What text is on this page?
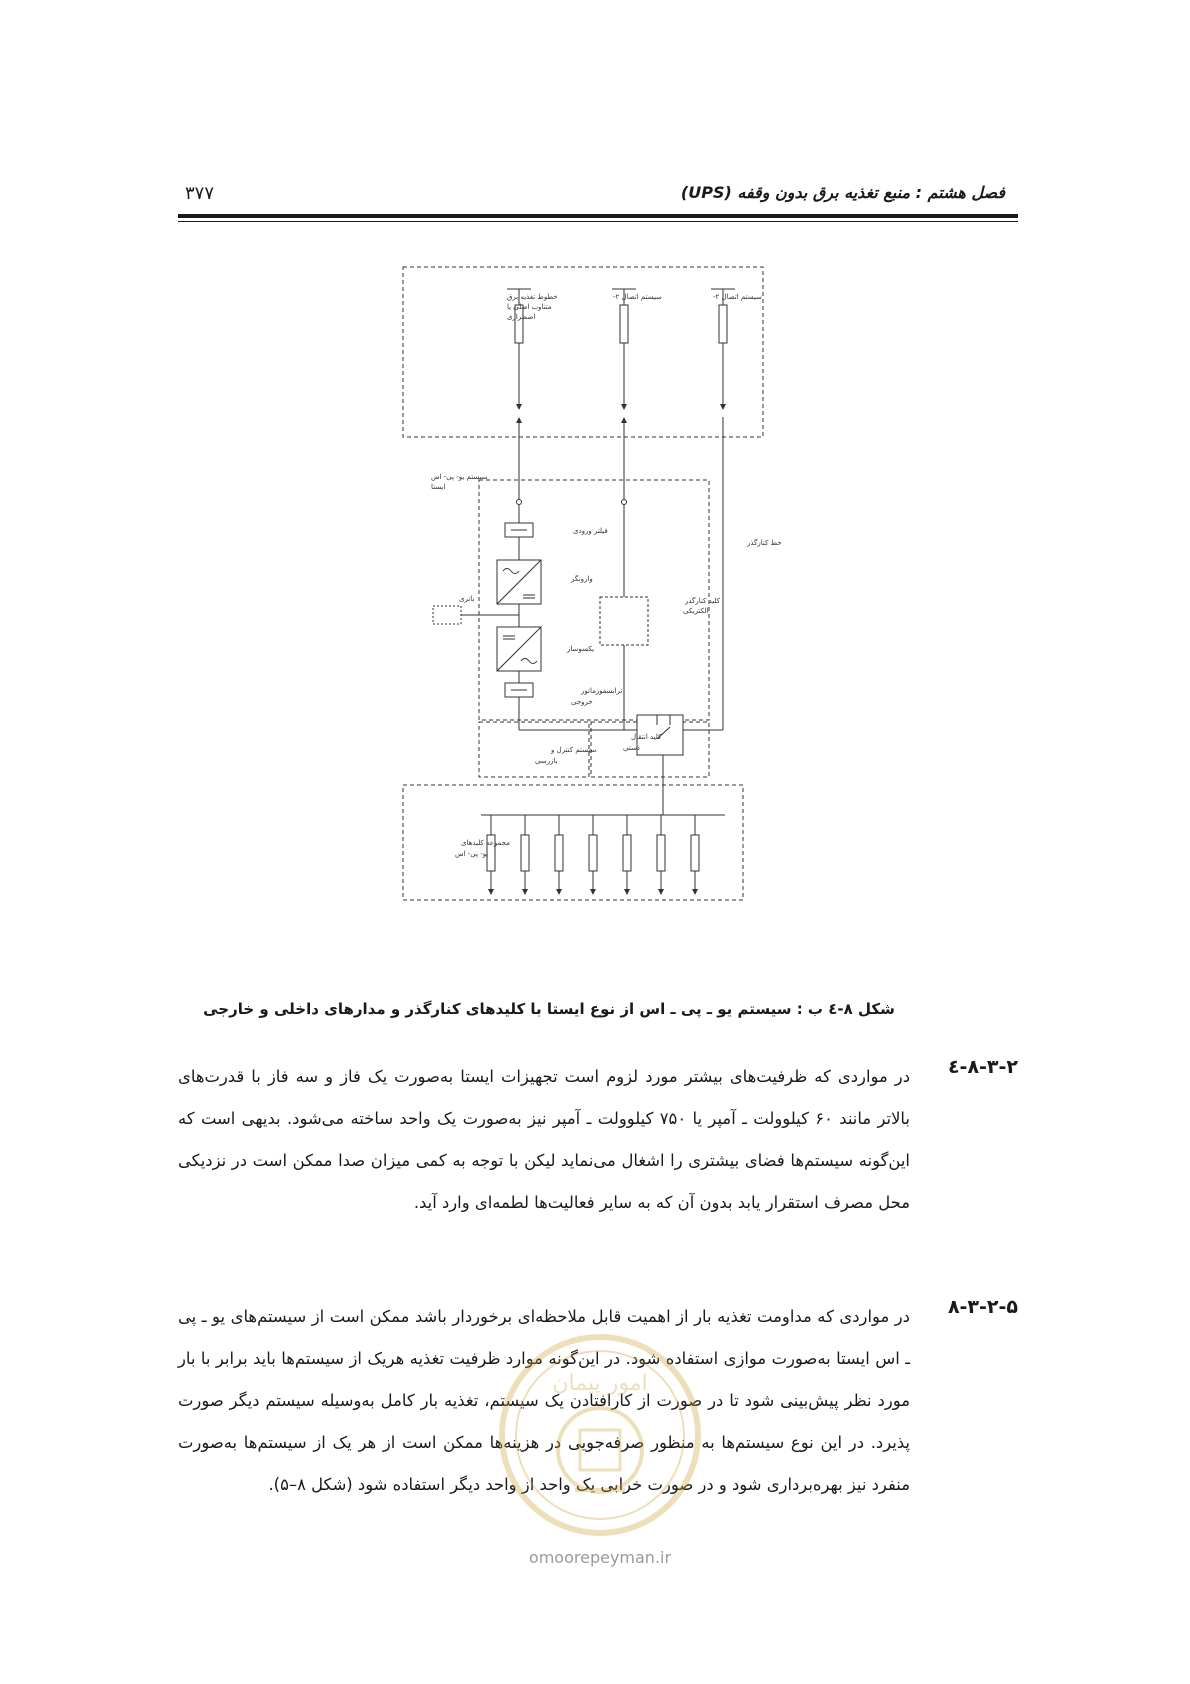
۳۷۷	فصل هشتم : منبع تغذیه برق بدون وقفه (UPS)
خطوط تغذیه برق
متناوب اصلی یا
اضطراری
سیستم اتصال ۲-	سیستم اتصال ۲-
سیستم یو- پی- اس
ایستا
فیلتر ورودی
وارونگر
باتری
یکسوساز
ترانسفورماتور
خروجی
کلید کنارگذر
الکتریکی
خط کنارگذر
سیستم کنترل و
بازرسی
کلید انتقال
دستی
مجموعه کلیدهای
یو- پی- اس
شکل ۸-٤ ب : سیستم یو ـ پی ـ اس از نوع ایستا با کلیدهای کنارگذر و مدارهای داخلی و خارجی
۸-۳-۲-٤
در مواردی که ظرفیت‌های بیشتر مورد لزوم است تجهیزات ایستا به‌صورت یک فاز و سه فاز با قدرت‌های بالاتر مانند ۶۰ کیلوولت ـ آمپر یا ۷۵۰ کیلوولت ـ آمپر نیز به‌صورت یک واحد ساخته می‌شود. بدیهی است که این‌گونه سیستم‌ها فضای بیشتری را اشغال می‌نماید لیکن با توجه به کمی میزان صدا ممکن است در نزدیکی محل مصرف استقرار یابد بدون آن که به سایر فعالیت‌ها لطمه‌ای وارد آید.
۸-۳-۲-۵
در مواردی که مداومت تغذیه بار از اهمیت قابل ملاحظه‌ای برخوردار باشد ممکن است از سیستم‌های یو ـ پی ـ اس ایستا به‌صورت موازی استفاده شود. در این‌گونه موارد ظرفیت تغذیه هریک از سیستم‌ها باید برابر با بار مورد نظر پیش‌بینی شود تا در صورت از کارافتادن یک سیستم، تغذیه بار کامل به‌وسیله سیستم دیگر صورت پذیرد. در این نوع سیستم‌ها به منظور صرفه‌جویی در هزینه‌ها ممکن است از هر یک از سیستم‌ها به‌صورت منفرد نیز بهره‌برداری شود و در صورت خرابی یک واحد از واحد دیگر استفاده شود (شکل ۸–۵).
امور پیمان
omoorepeyman.ir
